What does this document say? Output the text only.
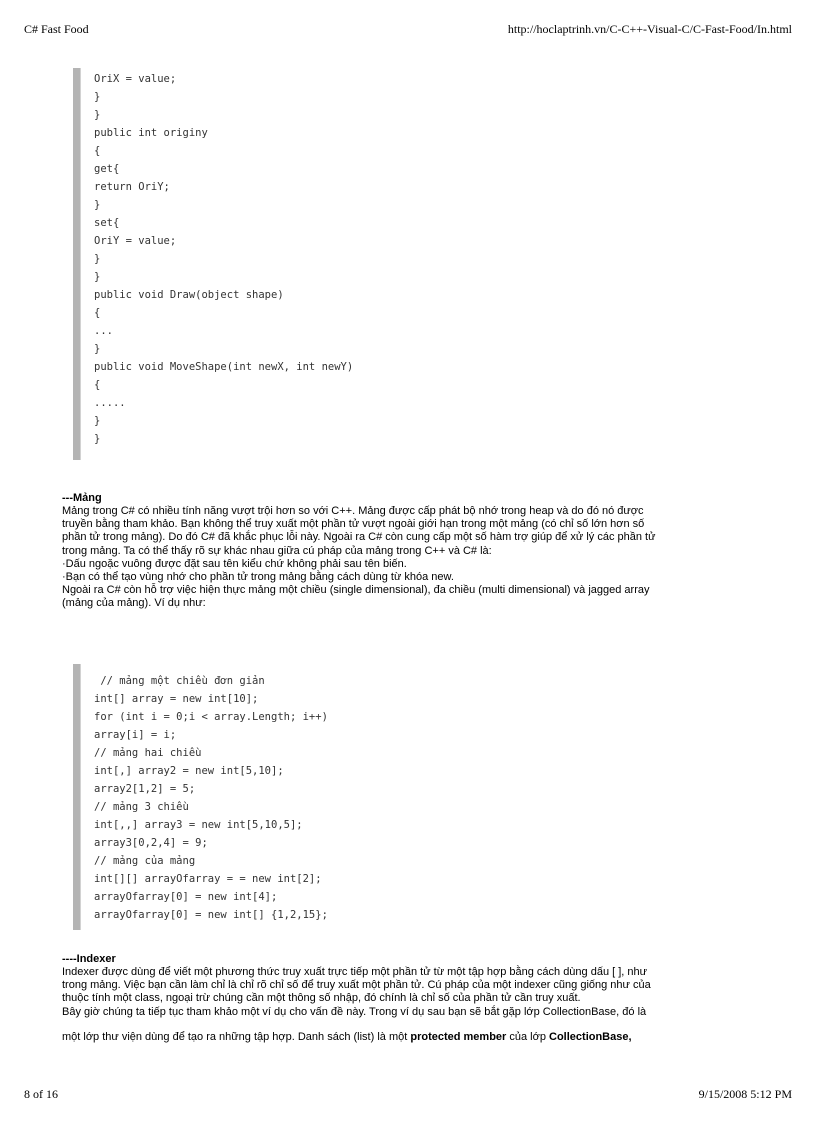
C# Fast Food	http://hoclaptrinh.vn/C-C++-Visual-C/C-Fast-Food/In.html
OriX = value;
}
}
public int originy
{
get{
return OriY;
}
set{
OriY = value;
}
}
public void Draw(object shape)
{
...
}
public void MoveShape(int newX, int newY)
{
.....
}
}
---Mảng
Mảng trong C# có nhiều tính năng vượt trội hơn so với C++. Mảng được cấp phát bộ nhớ trong heap và do đó nó được
truyền bằng tham khảo. Bạn không thể truy xuất một phần tử vượt ngoài giới hạn trong một mảng (có chỉ số lớn hơn số
phần tử trong mảng). Do đó C# đã khắc phục lỗi này. Ngoài ra C# còn cung cấp một số hàm trợ giúp để xử lý các phần tử
trong mảng. Ta có thể thấy rõ sự khác nhau giữa cú pháp của mảng trong C++ và C# là:
·Dấu ngoặc vuông được đặt sau tên kiểu chứ không phải sau tên biến.
·Bạn có thể tạo vùng nhớ cho phần tử trong mảng bằng cách dùng từ khóa new.
Ngoài ra C# còn hỗ trợ việc hiện thực mảng một chiều (single dimensional), đa chiều (multi dimensional) và jagged array
(mảng của mảng). Ví dụ như:
// mảng một chiều đơn giản
int[] array = new int[10];
for (int i = 0;i < array.Length; i++)
array[i] = i;
// mảng hai chiều
int[,] array2 = new int[5,10];
array2[1,2] = 5;
// mảng 3 chiều
int[,,] array3 = new int[5,10,5];
array3[0,2,4] = 9;
// mảng của mảng
int[][] arrayOfarray = = new int[2];
arrayOfarray[0] = new int[4];
arrayOfarray[0] = new int[] {1,2,15};
----Indexer
Indexer được dùng để viết một phương thức truy xuất trực tiếp một phần tử từ một tập hợp bằng cách dùng dấu [ ], như
trong mảng. Việc bạn cần làm chỉ là chỉ rõ chỉ số để truy xuất một phần tử. Cú pháp của một indexer cũng giống như của
thuộc tính một class, ngoại trừ chúng cần một thông số nhập, đó chính là chỉ số của phần tử cần truy xuất.
Bây giờ chúng ta tiếp tục tham khảo một ví dụ cho vấn đề này. Trong ví dụ sau bạn sẽ bắt gặp lớp CollectionBase, đó là
một lớp thư viện dùng để tạo ra những tập hợp. Danh sách (list) là một protected member của lớp CollectionBase,
8 of 16	9/15/2008 5:12 PM
